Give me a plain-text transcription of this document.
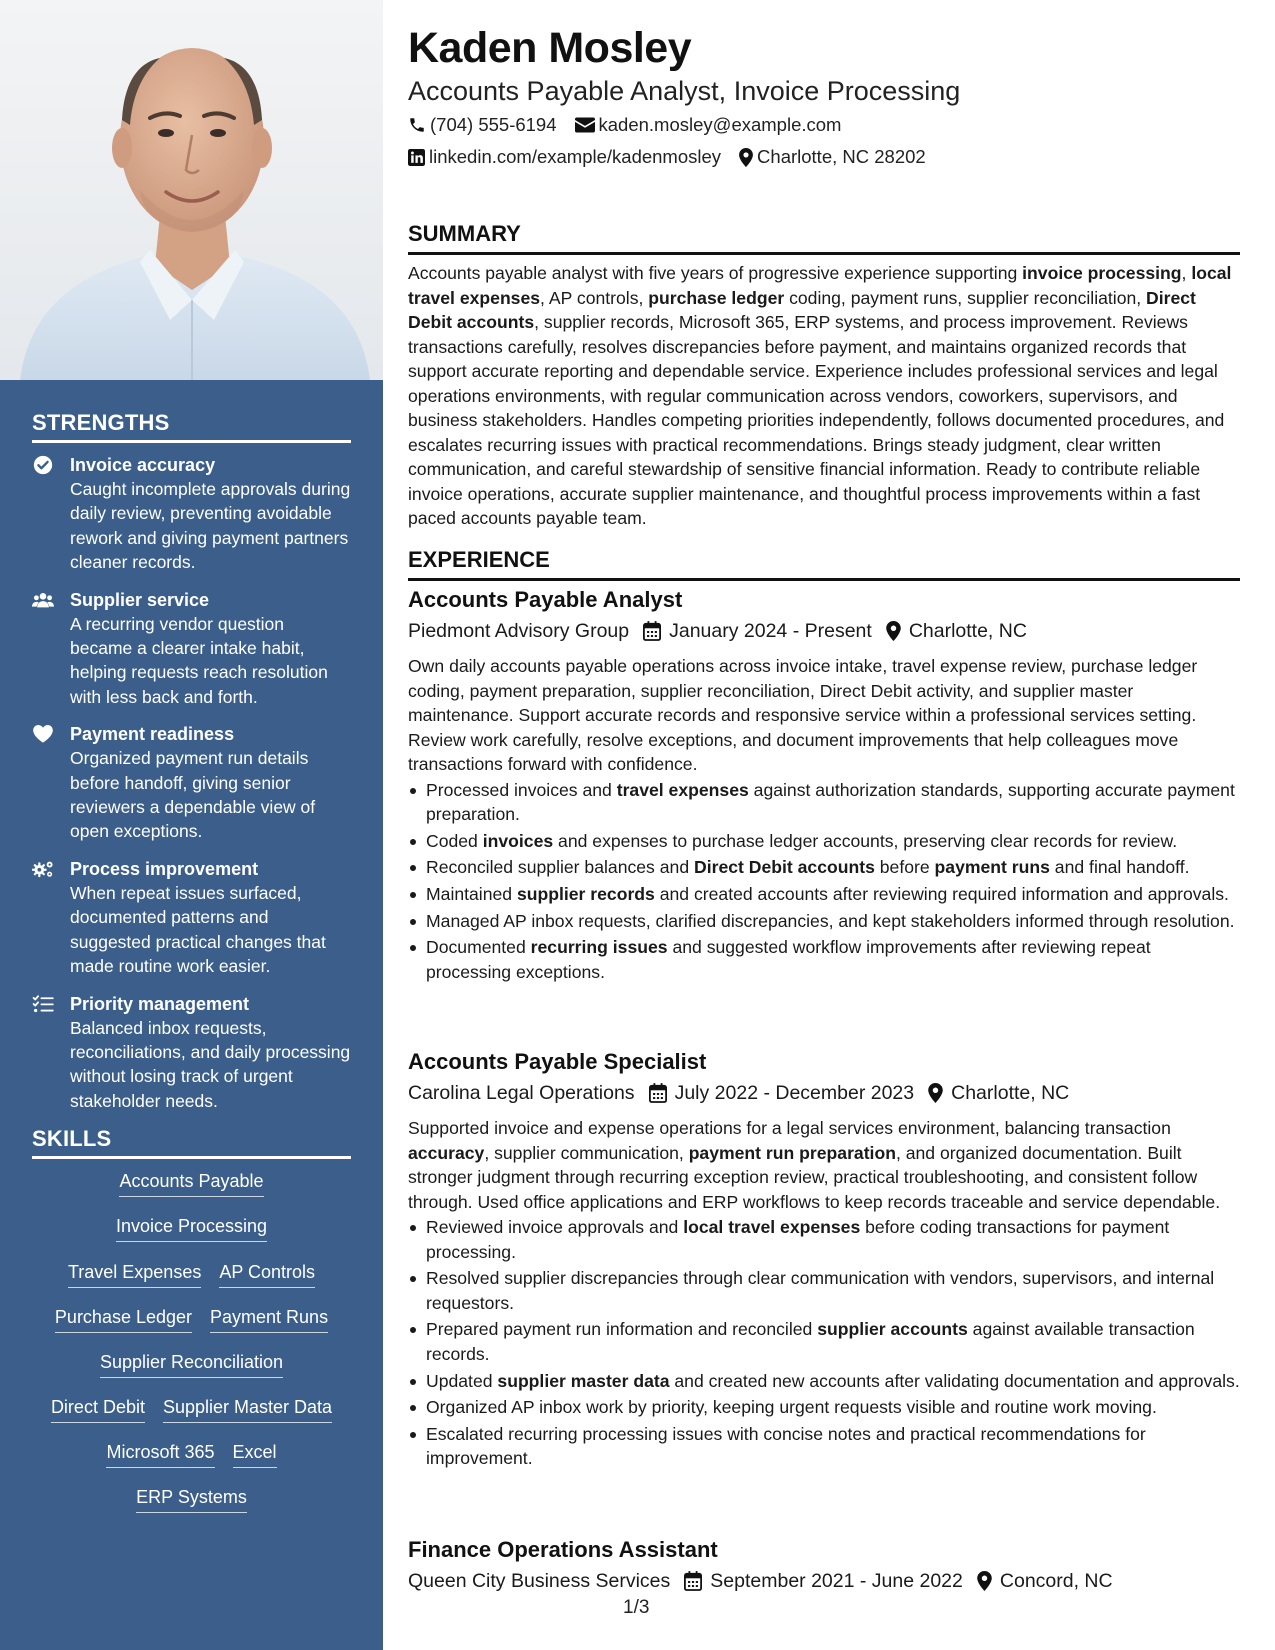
STRENGTHS
Invoice accuracy
Caught incomplete approvals during daily review, preventing avoidable rework and giving payment partners cleaner records.
Supplier service
A recurring vendor question became a clearer intake habit, helping requests reach resolution with less back and forth.
Payment readiness
Organized payment run details before handoff, giving senior reviewers a dependable view of open exceptions.
Process improvement
When repeat issues surfaced, documented patterns and suggested practical changes that made routine work easier.
Priority management
Balanced inbox requests, reconciliations, and daily processing without losing track of urgent stakeholder needs.
SKILLS
Accounts Payable
Invoice Processing
Travel Expenses AP Controls
Purchase Ledger Payment Runs
Supplier Reconciliation
Direct Debit Supplier Master Data
Microsoft 365 Excel
ERP Systems
Kaden Mosley
Accounts Payable Analyst, Invoice Processing
(704) 555-6194 kaden.mosley@example.com
linkedin.com/example/kadenmosley Charlotte, NC 28202
SUMMARY
Accounts payable analyst with five years of progressive experience supporting invoice processing, local travel expenses, AP controls, purchase ledger coding, payment runs, supplier reconciliation, Direct Debit accounts, supplier records, Microsoft 365, ERP systems, and process improvement. Reviews transactions carefully, resolves discrepancies before payment, and maintains organized records that support accurate reporting and dependable service. Experience includes professional services and legal operations environments, with regular communication across vendors, coworkers, supervisors, and business stakeholders. Handles competing priorities independently, follows documented procedures, and escalates recurring issues with practical recommendations. Brings steady judgment, clear written communication, and careful stewardship of sensitive financial information. Ready to contribute reliable invoice operations, accurate supplier maintenance, and thoughtful process improvements within a fast paced accounts payable team.
EXPERIENCE
Accounts Payable Analyst
Piedmont Advisory Group January 2024 - Present Charlotte, NC
Own daily accounts payable operations across invoice intake, travel expense review, purchase ledger coding, payment preparation, supplier reconciliation, Direct Debit activity, and supplier master maintenance. Support accurate records and responsive service within a professional services setting. Review work carefully, resolve exceptions, and document improvements that help colleagues move transactions forward with confidence.
Processed invoices and travel expenses against authorization standards, supporting accurate payment preparation.
Coded invoices and expenses to purchase ledger accounts, preserving clear records for review.
Reconciled supplier balances and Direct Debit accounts before payment runs and final handoff.
Maintained supplier records and created accounts after reviewing required information and approvals.
Managed AP inbox requests, clarified discrepancies, and kept stakeholders informed through resolution.
Documented recurring issues and suggested workflow improvements after reviewing repeat processing exceptions.
Accounts Payable Specialist
Carolina Legal Operations July 2022 - December 2023 Charlotte, NC
Supported invoice and expense operations for a legal services environment, balancing transaction accuracy, supplier communication, payment run preparation, and organized documentation. Built stronger judgment through recurring exception review, practical troubleshooting, and consistent follow through. Used office applications and ERP workflows to keep records traceable and service dependable.
Reviewed invoice approvals and local travel expenses before coding transactions for payment processing.
Resolved supplier discrepancies through clear communication with vendors, supervisors, and internal requestors.
Prepared payment run information and reconciled supplier accounts against available transaction records.
Updated supplier master data and created new accounts after validating documentation and approvals.
Organized AP inbox work by priority, keeping urgent requests visible and routine work moving.
Escalated recurring processing issues with concise notes and practical recommendations for improvement.
Finance Operations Assistant
Queen City Business Services September 2021 - June 2022 Concord, NC
1/3
